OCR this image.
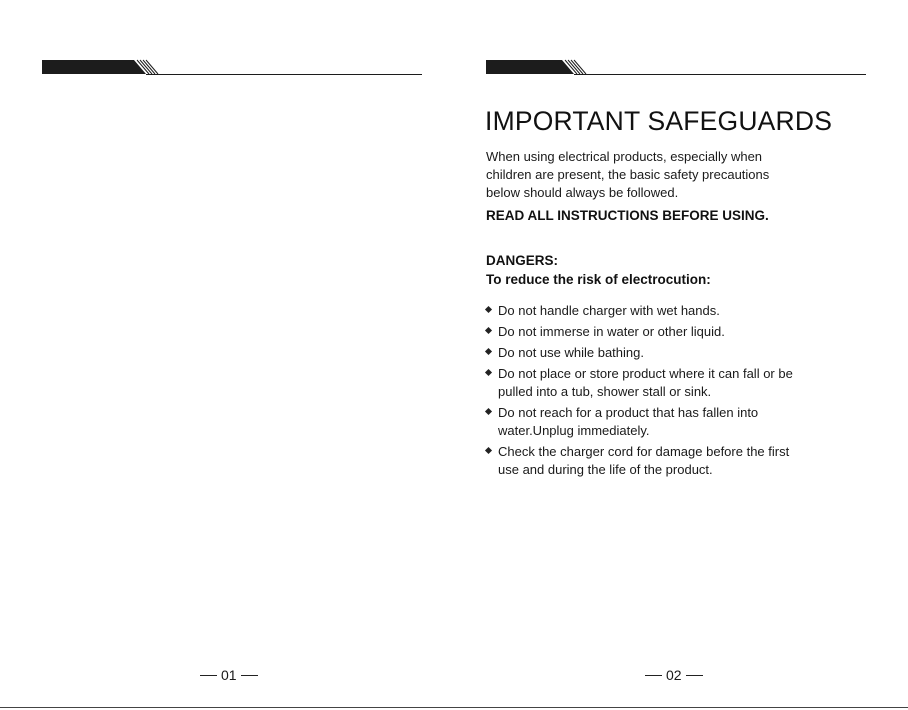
01
IMPORTANT SAFEGUARDS

When using electrical products, especially when children are present, the basic safety precautions below should always be followed.

READ ALL INSTRUCTIONS BEFORE USING.

DANGERS:
To reduce the risk of electrocution:
Do not handle charger with wet hands.
Do not immerse in water or other liquid.
Do not use while bathing.
Do not place or store product where it can fall or be pulled into a tub, shower stall or sink.
Do not reach for a product that has fallen into water.Unplug immediately.
Check the charger cord for damage before the first use and during the life of the product.
02
